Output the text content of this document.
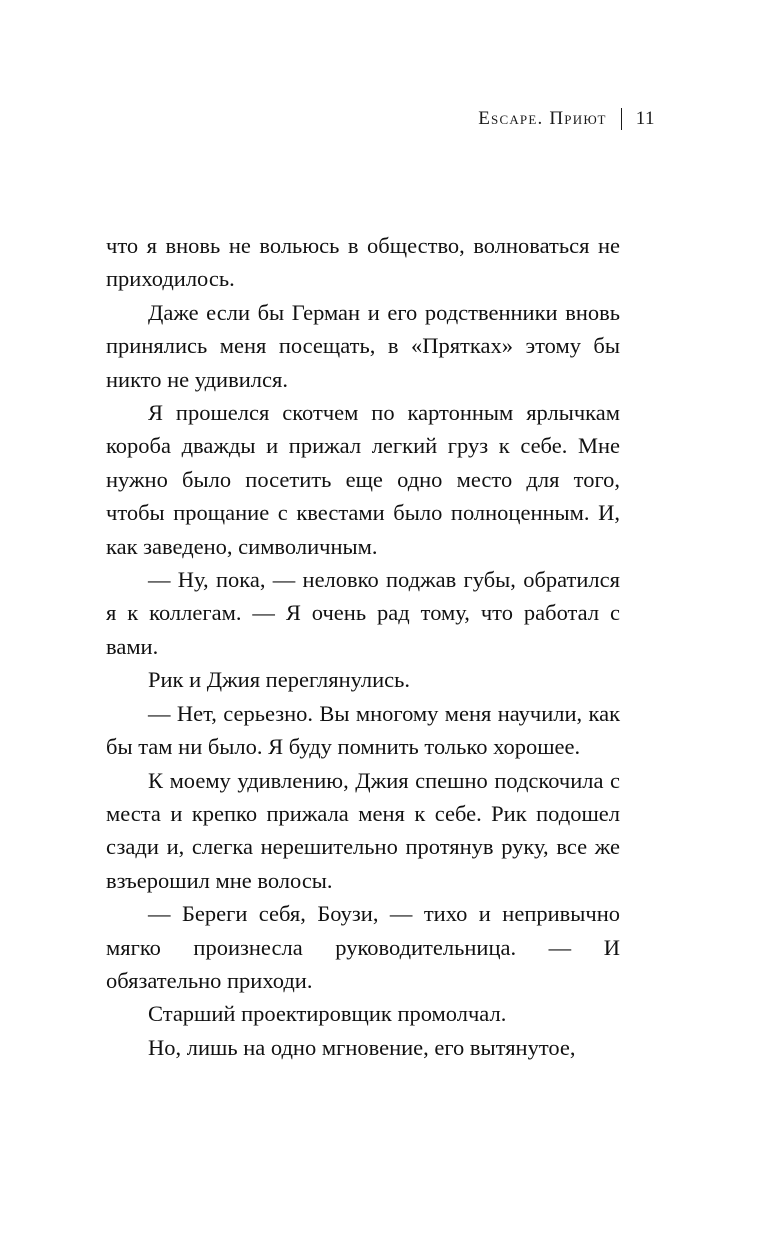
Escape. Приют 11

что я вновь не вольюсь в общество, волноваться не приходилось.

Даже если бы Герман и его родственники вновь принялись меня посещать, в «Прятках» этому бы никто не удивился.

Я прошелся скотчем по картонным ярлычкам короба дважды и прижал легкий груз к себе. Мне нужно было посетить еще одно место для того, чтобы прощание с квестами было полноценным. И, как заведено, символичным.

— Ну, пока, — неловко поджав губы, обратился я к коллегам. — Я очень рад тому, что работал с вами.

Рик и Джия переглянулись.

— Нет, серьезно. Вы многому меня научили, как бы там ни было. Я буду помнить только хорошее.

К моему удивлению, Джия спешно подскочила с места и крепко прижала меня к себе. Рик подошел сзади и, слегка нерешительно протянув руку, все же взъерошил мне волосы.

— Береги себя, Боузи, — тихо и непривычно мягко произнесла руководительница. — И обязательно приходи.

Старший проектировщик промолчал.

Но, лишь на одно мгновение, его вытянутое,
